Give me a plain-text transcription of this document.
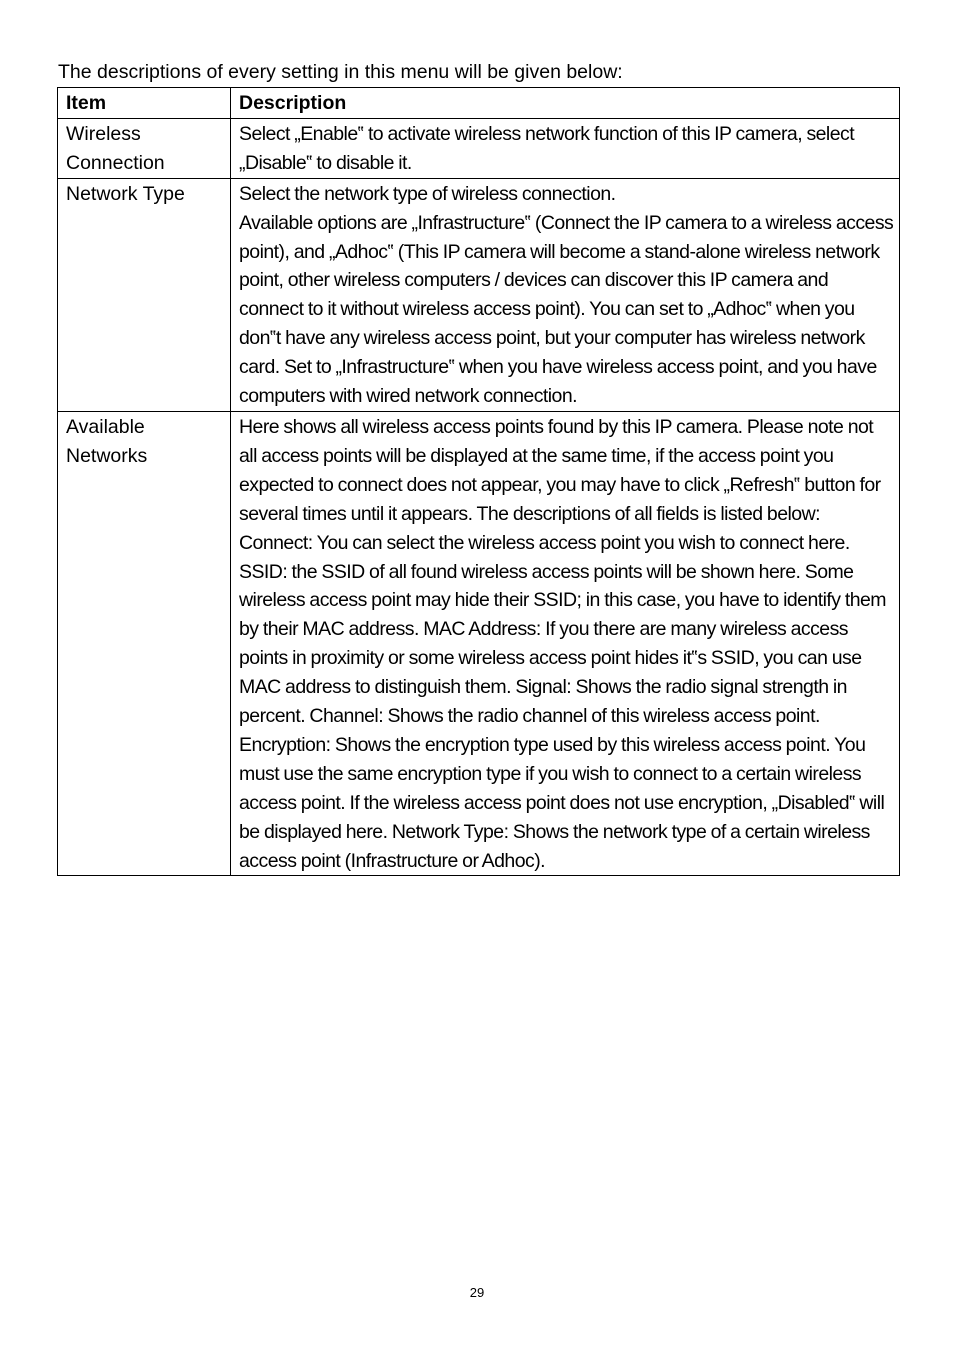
The descriptions of every setting in this menu will be given below:
Item	Description

Wireless Connection	Select „Enable‟ to activate wireless network function of this IP camera, select „Disable‟ to disable it.

Network Type	Select the network type of wireless connection.
Available options are „Infrastructure‟ (Connect the IP camera to a wireless access point), and „Adhoc‟ (This IP camera will become a stand-alone wireless network point, other wireless computers / devices can discover this IP camera and connect to it without wireless access point). You can set to „Adhoc‟ when you don‟t have any wireless access point, but your computer has wireless network card. Set to „Infrastructure‟ when you have wireless access point, and you have computers with wired network connection.

Available Networks	Here shows all wireless access points found by this IP camera. Please note not all access points will be displayed at the same time, if the access point you expected to connect does not appear, you may have to click „Refresh‟ button for several times until it appears. The descriptions of all fields is listed below: Connect: You can select the wireless access point you wish to connect here. SSID: the SSID of all found wireless access points will be shown here. Some wireless access point may hide their SSID; in this case, you have to identify them by their MAC address. MAC Address: If you there are many wireless access points in proximity or some wireless access point hides it‟s SSID, you can use MAC address to distinguish them. Signal: Shows the radio signal strength in percent. Channel: Shows the radio channel of this wireless access point. Encryption: Shows the encryption type used by this wireless access point. You must use the same encryption type if you wish to connect to a certain wireless access point. If the wireless access point does not use encryption, „Disabled‟ will be displayed here. Network Type: Shows the network type of a certain wireless access point (Infrastructure or Adhoc).
29
